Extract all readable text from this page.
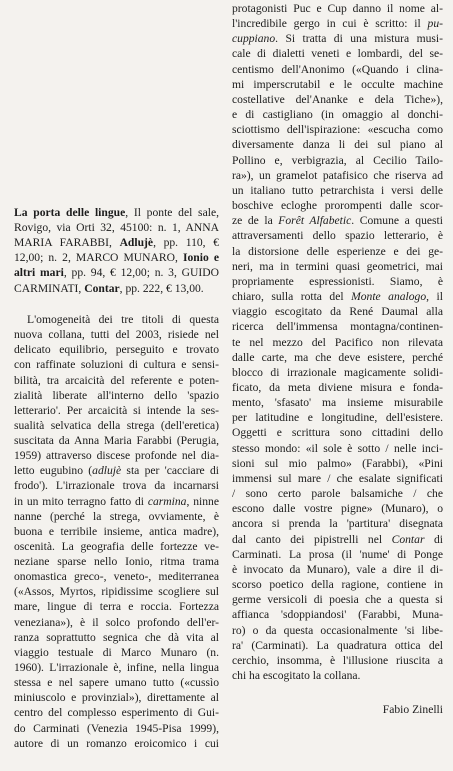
La porta delle lingue, Il ponte del sale,
Rovigo, via Orti 32, 45100: n. 1, ANNA
MARIA FARABBI, Adlujè, pp. 110, €
12,00; n. 2, MARCO MUNARO, Ionio e
altri mari, pp. 94, € 12,00; n. 3, GUIDO
CARMINATI, Contar, pp. 222, € 13,00.
L'omogeneità dei tre titoli di questa
nuova collana, tutti del 2003, risiede nel
delicato equilibrio, perseguito e trovato
con raffinate soluzioni di cultura e sensi-
bilità, tra arcaicità del referente e poten-
zialità liberate all'interno dello 'spazio
letterario'. Per arcaicità si intende la ses-
sualità selvatica della strega (dell'eretica)
suscitata da Anna Maria Farabbi (Perugia,
1959) attraverso discese profonde nel dia-
letto eugubino (adlujè sta per 'cacciare di
frodo'). L'irrazionale trova da incarnarsi
in un mito terragno fatto di carmina, ninne
nanne (perché la strega, ovviamente, è
buona e terribile insieme, antica madre),
oscenità. La geografia delle fortezze ve-
neziane sparse nello Ionio, ritma trama
onomastica greco-, veneto-, mediterranea
(«Assos, Myrtos, ripidissime scogliere sul
mare, lingue di terra e roccia. Fortezza
veneziana»), è il solco profondo dell'er-
ranza soprattutto segnica che dà vita al
viaggio testuale di Marco Munaro (n.
1960). L'irrazionale è, infine, nella lingua
stessa e nel sapere umano tutto («cussìo
miniuscolo e provinzial»), direttamente al
centro del complesso esperimento di Gui-
do Carminati (Venezia 1945-Pisa 1999),
autore di un romanzo eroicomico i cui
protagonisti Puc e Cup danno il nome al-
l'incredibile gergo in cui è scritto: il pu-
cuppiano. Si tratta di una mistura musi-
cale di dialetti veneti e lombardi, del se-
centismo dell'Anonimo («Quando i clina-
mi imperscrutabil e le occulte machine
costellative del'Ananke e dela Tiche»),
e di castigliano (in omaggio al donchi-
sciottismo dell'ispirazione: «escucha como
diversamente danza li dei sul piano al
Pollino e, verbigrazia, al Cecilio Tailo-
ra»), un gramelot patafisico che riserva ad
un italiano tutto petrarchista i versi delle
boschive ecloghe prorompenti dalle scor-
ze de la Forêt Alfabetic. Comune a questi
attraversamenti dello spazio letterario, è
la distorsione delle esperienze e dei ge-
neri, ma in termini quasi geometrici, mai
propriamente espressionisti. Siamo, è
chiaro, sulla rotta del Monte analogo, il
viaggio escogitato da René Daumal alla
ricerca dell'immensa montagna/continen-
te nel mezzo del Pacifico non rilevata
dalle carte, ma che deve esistere, perché
blocco di irrazionale magicamente solidi-
ficato, da meta diviene misura e fonda-
mento, 'sfasato' ma insieme misurabile
per latitudine e longitudine, dell'esistere.
Oggetti e scrittura sono cittadini dello
stesso mondo: «il sole è sotto / nelle inci-
sioni sul mio palmo» (Farabbi), «Pini
immensi sul mare / che esalate significati
/ sono certo parole balsamiche / che
escono dalle vostre pigne» (Munaro), o
ancora si prenda la 'partitura' disegnata
dal canto dei pipistrelli nel Contar di
Carminati. La prosa (il 'nume' di Ponge
è invocato da Munaro), vale a dire il di-
scorso poetico della ragione, contiene in
germe versicoli di poesia che a questa si
affianca 'sdoppiandosi' (Farabbi, Muna-
ro) o da questa occasionalmente 'si libe-
ra' (Carminati). La quadratura ottica del
cerchio, insomma, è l'illusione riuscita a
chi ha escogitato la collana.
Fabio Zinelli
